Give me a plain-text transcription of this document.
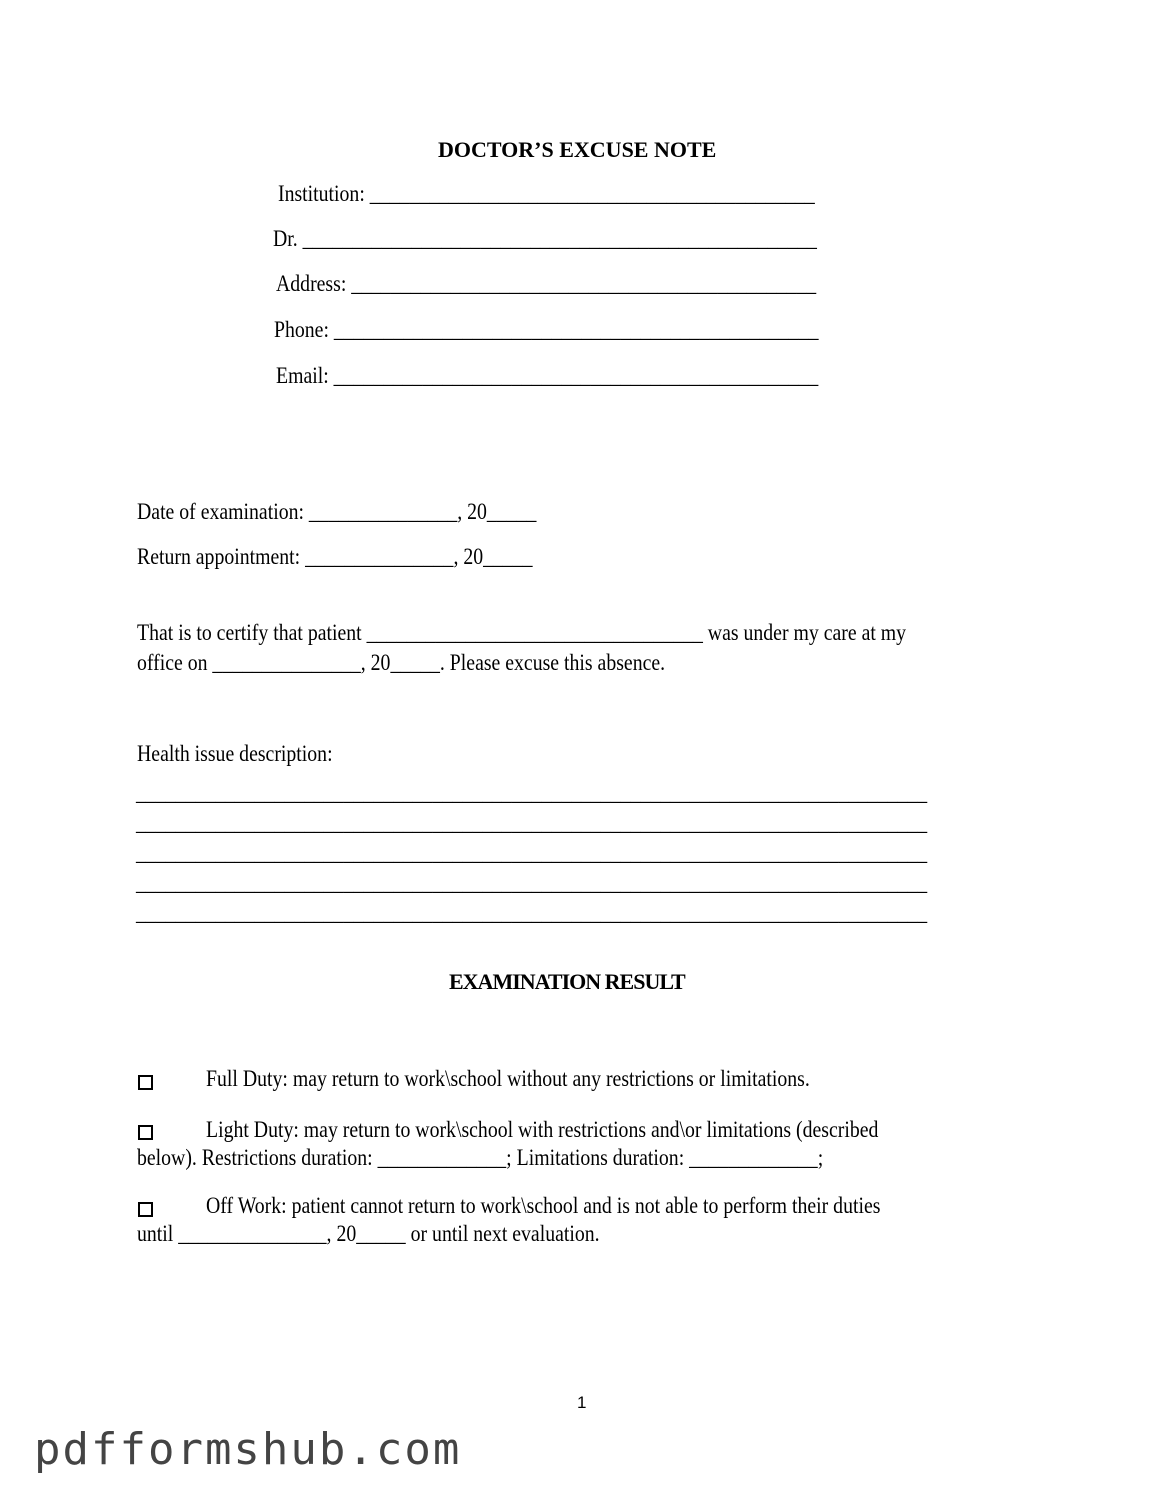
DOCTOR’S EXCUSE NOTE
Institution: _____________________________________________
Dr. ____________________________________________________
Address: _______________________________________________
Phone: _________________________________________________
Email: _________________________________________________
Date of examination: _______________, 20_____
Return appointment: _______________, 20_____
That is to certify that patient __________________________________ was under my care at my
office on _______________, 20_____. Please excuse this absence.
Health issue description:
________________________________________________________________________________
________________________________________________________________________________
________________________________________________________________________________
________________________________________________________________________________
________________________________________________________________________________
EXAMINATION RESULT
Full Duty: may return to work\school without any restrictions or limitations.
Light Duty: may return to work\school with restrictions and\or limitations (described
below). Restrictions duration: _____________; Limitations duration: _____________;
Off Work: patient cannot return to work\school and is not able to perform their duties
until _______________, 20_____ or until next evaluation.
1
pdfformshub.com
